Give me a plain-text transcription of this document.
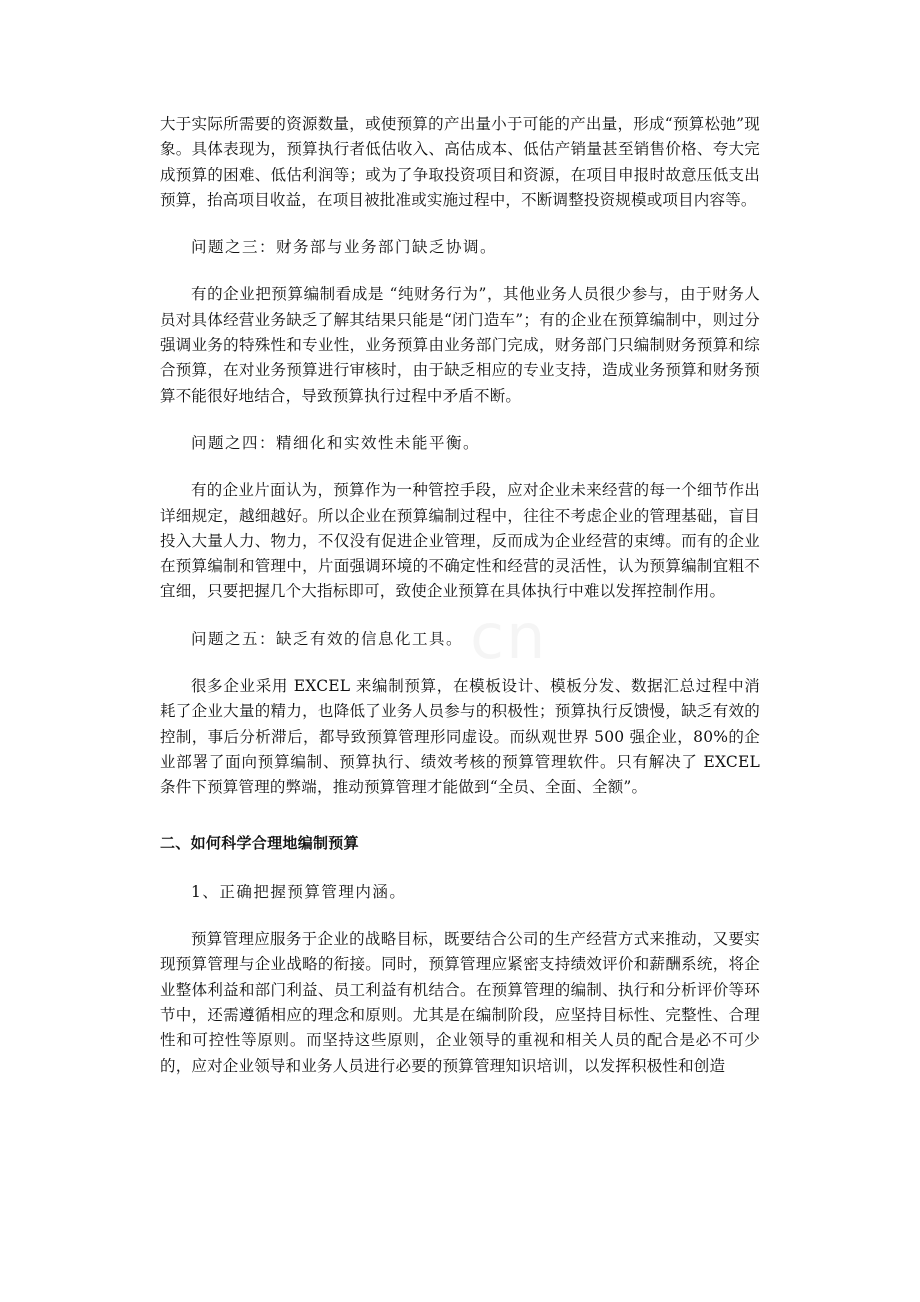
大于实际所需要的资源数量，或使预算的产出量小于可能的产出量，形成“预算松弛”现象。具体表现为，预算执行者低估收入、高估成本、低估产销量甚至销售价格、夸大完成预算的困难、低估利润等；或为了争取投资项目和资源，在项目申报时故意压低支出预算，抬高项目收益，在项目被批准或实施过程中，不断调整投资规模或项目内容等。

问题之三：财务部与业务部门缺乏协调。

有的企业把预算编制看成是 “纯财务行为”，其他业务人员很少参与，由于财务人员对具体经营业务缺乏了解其结果只能是“闭门造车”；有的企业在预算编制中，则过分强调业务的特殊性和专业性，业务预算由业务部门完成，财务部门只编制财务预算和综合预算，在对业务预算进行审核时，由于缺乏相应的专业支持，造成业务预算和财务预算不能很好地结合，导致预算执行过程中矛盾不断。

问题之四：精细化和实效性未能平衡。

有的企业片面认为，预算作为一种管控手段，应对企业未来经营的每一个细节作出详细规定，越细越好。所以企业在预算编制过程中，往往不考虑企业的管理基础，盲目投入大量人力、物力，不仅没有促进企业管理，反而成为企业经营的束缚。而有的企业在预算编制和管理中，片面强调环境的不确定性和经营的灵活性，认为预算编制宜粗不宜细，只要把握几个大指标即可，致使企业预算在具体执行中难以发挥控制作用。

问题之五：缺乏有效的信息化工具。

很多企业采用 EXCEL 来编制预算，在模板设计、模板分发、数据汇总过程中消耗了企业大量的精力，也降低了业务人员参与的积极性；预算执行反馈慢，缺乏有效的控制，事后分析滞后，都导致预算管理形同虚设。而纵观世界 500 强企业，80%的企业部署了面向预算编制、预算执行、绩效考核的预算管理软件。只有解决了 EXCEL 条件下预算管理的弊端，推动预算管理才能做到“全员、全面、全额”。

二、如何科学合理地编制预算

1、正确把握预算管理内涵。

预算管理应服务于企业的战略目标，既要结合公司的生产经营方式来推动，又要实现预算管理与企业战略的衔接。同时，预算管理应紧密支持绩效评价和薪酬系统，将企业整体利益和部门利益、员工利益有机结合。在预算管理的编制、执行和分析评价等环节中，还需遵循相应的理念和原则。尤其是在编制阶段，应坚持目标性、完整性、合理性和可控性等原则。而坚持这些原则，企业领导的重视和相关人员的配合是必不可少的，应对企业领导和业务人员进行必要的预算管理知识培训，以发挥积极性和创造
